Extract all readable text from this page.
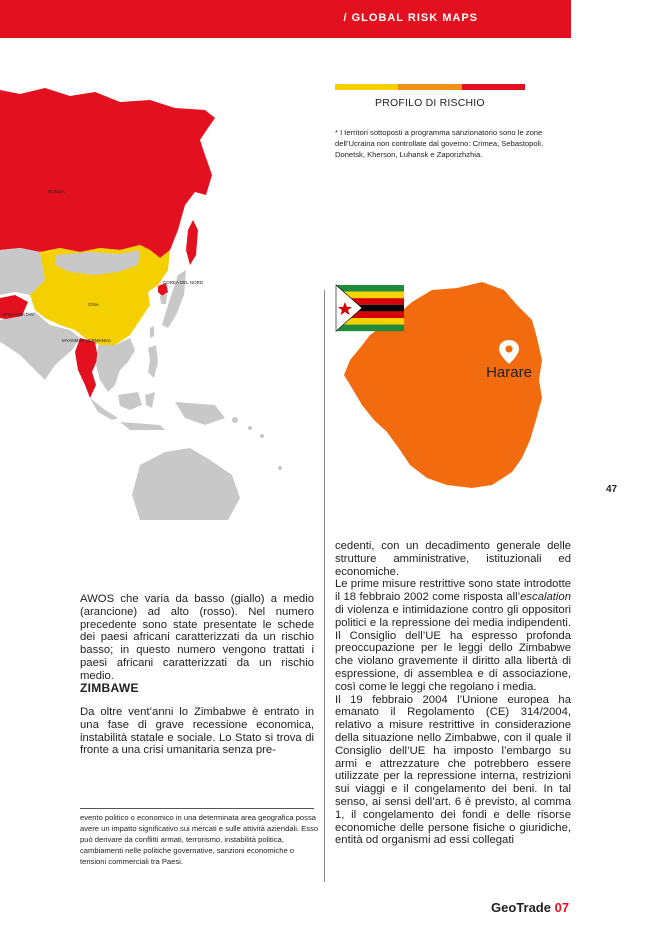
/ GLOBAL RISK MAPS
RUSSIA
CINA
COREA DEL NORD
AFGHANISTAN
MYANMAR (BIRMANIA)
PROFILO DI RISCHIO
* I territori sottoposti a programma sanzionatorio sono le zone dell’Ucraina non controllate dal governo: Crimea, Sebastopoli, Donetsk, Kherson, Luhansk e Zaporizhzhia.
Harare
47
AWOS che varia da basso (giallo) a medio (arancione) ad alto (rosso). Nel numero precedente sono state presentate le schede dei paesi africani caratterizzati da un rischio basso; in questo numero vengono trattati i paesi africani caratterizzati da un rischio medio.
ZIMBAWE
Da oltre vent’anni lo Zimbabwe è entrato in una fase di grave recessione economica, instabilità statale e sociale. Lo Stato si trova di fronte a una crisi umanitaria senza pre-
evento politico o economico in una determinata area geografica possa avere un impatto significativo sui mercati e sulle attività aziendali. Esso può derivare da conflitti armati, terrorismo, instabilità politica, cambiamenti nelle politiche governative, sanzioni economiche o tensioni commerciali tra Paesi.

cedenti, con un decadimento generale delle strutture amministrative, istituzionali ed economiche.

Le prime misure restrittive sono state introdotte il 18 febbraio 2002 come risposta all’escalation di violenza e intimidazione contro gli oppositori politici e la repressione dei media indipendenti. Il Consiglio dell’UE ha espresso profonda preoccupazione per le leggi dello Zimbabwe che violano gravemente il diritto alla libertà di espressione, di assemblea e di associazione, così come le leggi che regolano i media.

Il 19 febbraio 2004 l’Unione europea ha emanato il Regolamento (CE) 314/2004, relativo a misure restrittive in considerazione della situazione nello Zimbabwe, con il quale il Consiglio dell’UE ha imposto l’embargo su armi e attrezzature che potrebbero essere utilizzate per la repressione interna, restrizioni sui viaggi e il congelamento dei beni. In tal senso, ai sensi dell’art. 6 è previsto, al comma 1, il congelamento dei fondi e delle risorse economiche delle persone fisiche o giuridiche, entità od organismi ad essi collegati

GeoTrade 07
